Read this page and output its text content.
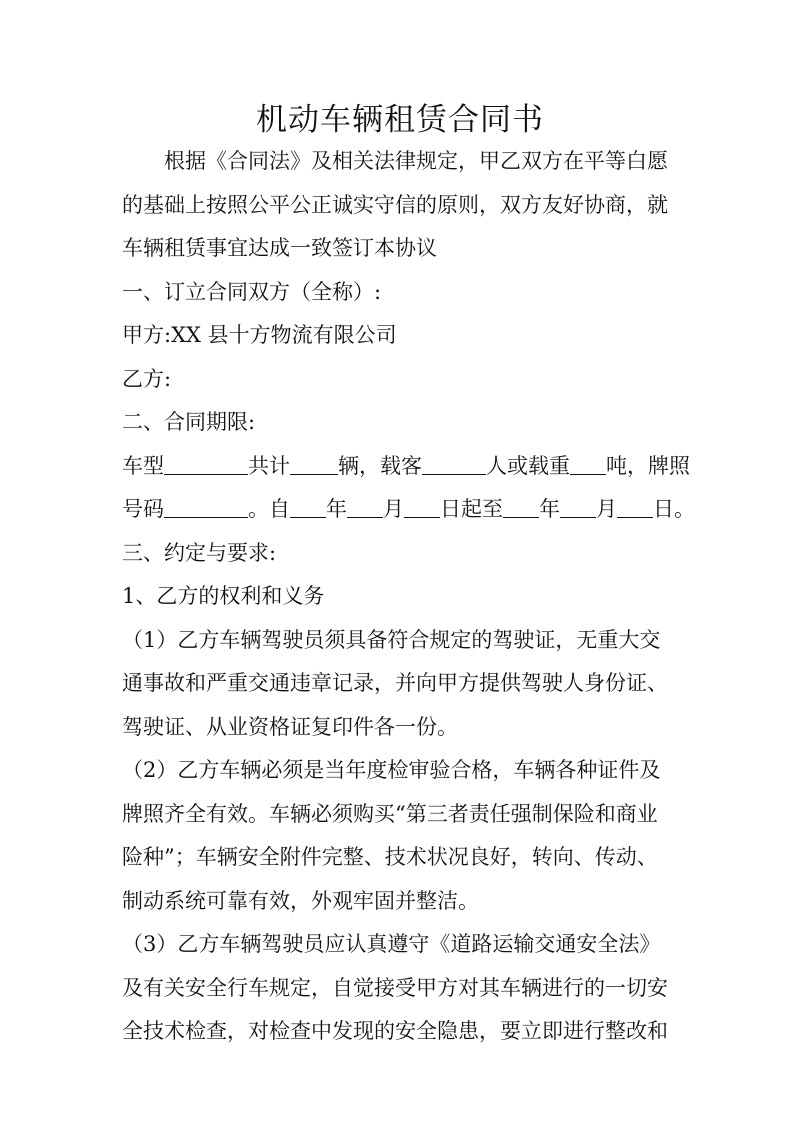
机动车辆租赁合同书
根据《合同法》及相关法律规定，甲乙双方在平等白愿
的基础上按照公平公正诚实守信的原则，双方友好协商，就
车辆租赁事宜达成一致签订本协议
一、订立合同双方（全称）:
甲方:XX 县十方物流有限公司
乙方:
二、合同期限:
车型	共计 辆，载客	人或载重 吨，牌照
号码	。自 年 月 日起至 年 月 日。
三、约定与要求:
1、乙方的权利和义务
（1）乙方车辆驾驶员须具备符合规定的驾驶证，无重大交
通事故和严重交通违章记录，并向甲方提供驾驶人身份证、
驾驶证、从业资格证复印件各一份。
（2）乙方车辆必须是当年度检审验合格，车辆各种证件及
牌照齐全有效。车辆必须购买“第三者责任强制保险和商业
险种”；车辆安全附件完整、技术状况良好，转向、传动、
制动系统可靠有效，外观牢固并整洁。
（3）乙方车辆驾驶员应认真遵守《道路运输交通安全法》
及有关安全行车规定，自觉接受甲方对其车辆进行的一切安
全技术检查，对检查中发现的安全隐患，要立即进行整改和
